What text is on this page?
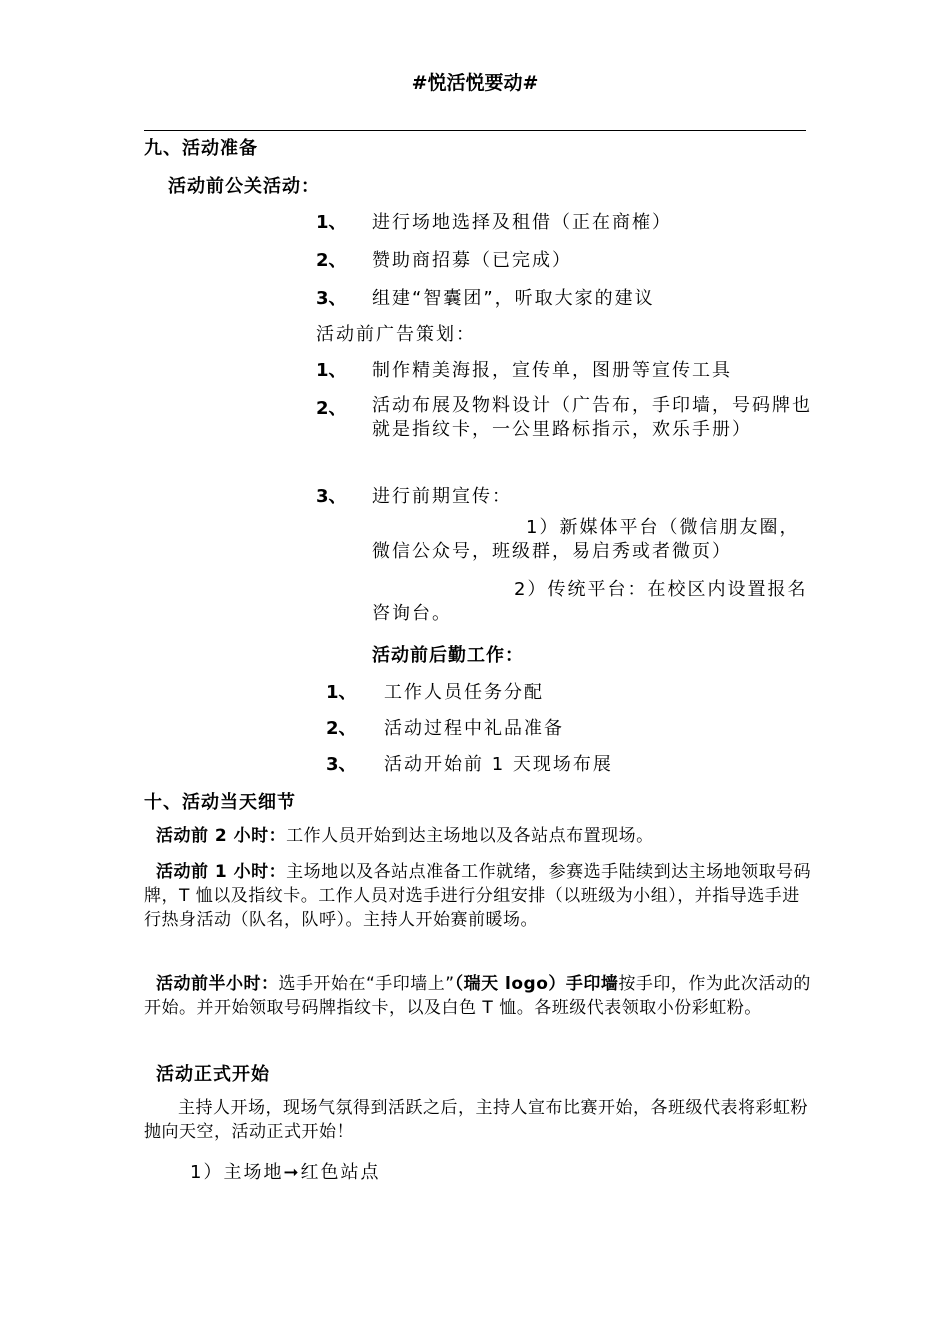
#悦活悦要动#
九、活动准备
活动前公关活动：
1、 进行场地选择及租借（正在商榷）
2、 赞助商招募（已完成）
3、 组建“智囊团”，听取大家的建议
活动前广告策划：
1、 制作精美海报，宣传单，图册等宣传工具
2、 活动布展及物料设计（广告布，手印墙，号码牌也就是指纹卡，一公里路标指示，欢乐手册）
3、 进行前期宣传：
1）新媒体平台（微信朋友圈，微信公众号，班级群，易启秀或者微页）
2）传统平台：在校区内设置报名咨询台。
活动前后勤工作：
1、 工作人员任务分配
2、 活动过程中礼品准备
3、 活动开始前 1 天现场布展
十、活动当天细节
活动前 2 小时：工作人员开始到达主场地以及各站点布置现场。
活动前 1 小时：主场地以及各站点准备工作就绪，参赛选手陆续到达主场地领取号码牌，T 恤以及指纹卡。工作人员对选手进行分组安排（以班级为小组），并指导选手进行热身活动（队名，队呼）。主持人开始赛前暖场。
活动前半小时：选手开始在“手印墙上”（瑞天 logo）手印墙按手印，作为此次活动的开始。并开始领取号码牌指纹卡，以及白色 T 恤。各班级代表领取小份彩虹粉。
活动正式开始
主持人开场，现场气氛得到活跃之后，主持人宣布比赛开始，各班级代表将彩虹粉抛向天空，活动正式开始！
1）主场地➞红色站点
